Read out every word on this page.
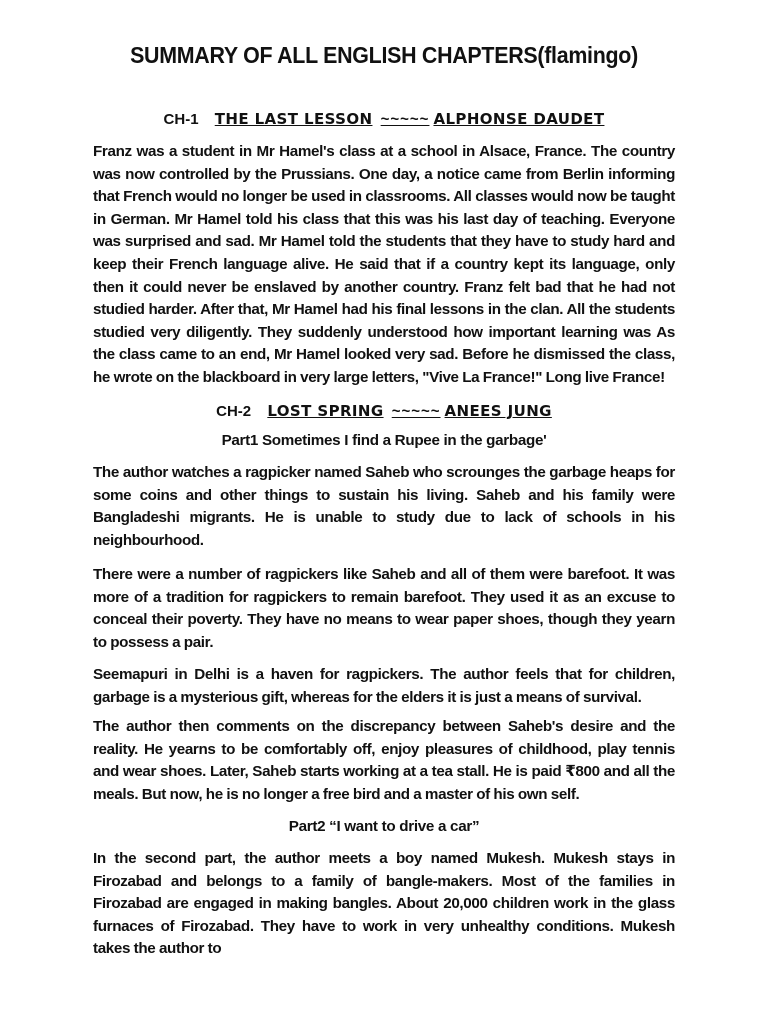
SUMMARY OF ALL ENGLISH CHAPTERS(flamingo)
CH-1 THE LAST LESSON ~~~~~ ALPHONSE DAUDET
Franz was a student in Mr Hamel's class at a school in Alsace, France. The country was now controlled by the Prussians. One day, a notice came from Berlin informing that French would no longer be used in classrooms. All classes would now be taught in German. Mr Hamel told his class that this was his last day of teaching. Everyone was surprised and sad. Mr Hamel told the students that they have to study hard and keep their French language alive. He said that if a country kept its language, only then it could never be enslaved by another country. Franz felt bad that he had not studied harder. After that, Mr Hamel had his final lessons in the clan. All the students studied very diligently. They suddenly understood how important learning was As the class came to an end, Mr Hamel looked very sad. Before he dismissed the class, he wrote on the blackboard in very large letters, "Vive La France!" Long live France!
CH-2 LOST SPRING ~~~~~ ANEES JUNG
Part1 Sometimes I find a Rupee in the garbage'
The author watches a ragpicker named Saheb who scrounges the garbage heaps for some coins and other things to sustain his living. Saheb and his family were Bangladeshi migrants. He is unable to study due to lack of schools in his neighbourhood.
There were a number of ragpickers like Saheb and all of them were barefoot. It was more of a tradition for ragpickers to remain barefoot. They used it as an excuse to conceal their poverty. They have no means to wear paper shoes, though they yearn to possess a pair.
Seemapuri in Delhi is a haven for ragpickers. The author feels that for children, garbage is a mysterious gift, whereas for the elders it is just a means of survival.
The author then comments on the discrepancy between Saheb's desire and the reality. He yearns to be comfortably off, enjoy pleasures of childhood, play tennis and wear shoes. Later, Saheb starts working at a tea stall. He is paid ₹800 and all the meals. But now, he is no longer a free bird and a master of his own self.
Part2 “I want to drive a car”
In the second part, the author meets a boy named Mukesh. Mukesh stays in Firozabad and belongs to a family of bangle-makers. Most of the families in Firozabad are engaged in making bangles. About 20,000 children work in the glass furnaces of Firozabad. They have to work in very unhealthy conditions. Mukesh takes the author to
